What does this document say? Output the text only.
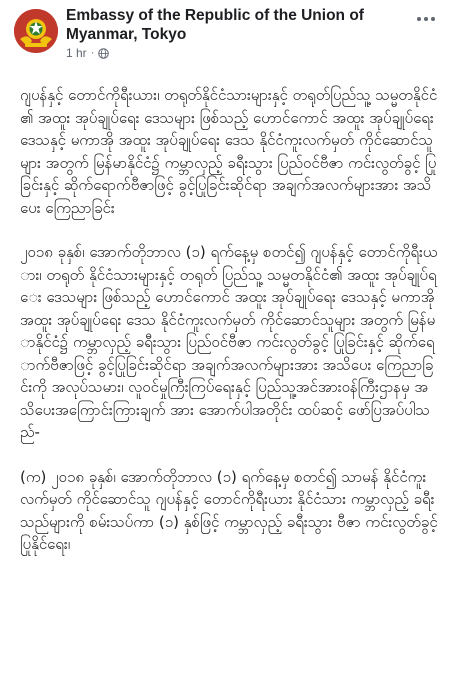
Embassy of the Republic of the Union of Myanmar, Tokyo
1 hr ·

ဂျပန်နှင့် တောင်ကိုရီးယား၊ တရုတ်နိုင်ငံသားများနှင့် တရုတ်ပြည်သူ့ သမ္မတနိုင်ငံ၏ အထူး အုပ်ချုပ်ရေး ဒေသများ ဖြစ်သည့် ဟောင်ကောင် အထူး အုပ်ချုပ်ရေး ဒေသနှင့် မကာအို အထူး အုပ်ချုပ်ရေး ဒေသ နိုင်ငံကူးလက်မှတ် ကိုင်ဆောင်သူများ အတွက် မြန်မာနိုင်ငံ၌ ကမ္ဘာလှည့် ခရီးသွား ပြည်ဝင်ဗီဇာ ကင်းလွတ်ခွင့် ပြုခြင်းနှင့် ဆိုက်ရောက်ဗီဇာဖြင့် ခွင့်ပြုခြင်းဆိုင်ရာ အချက်အလက်များအား အသိပေး ကြေညာခြင်း

၂၀၁၈ ခုနှစ်၊ အောက်တိုဘာလ (၁) ရက်နေ့မှ စတင်၍ ဂျပန်နှင့် တောင်ကိုရီးယား၊ တရုတ် နိုင်ငံသားများနှင့် တရုတ် ပြည်သူ့ သမ္မတနိုင်ငံ၏ အထူး အုပ်ချုပ်ရေး ဒေသများ ဖြစ်သည့် ဟောင်ကောင် အထူး အုပ်ချုပ်ရေး ဒေသနှင့် မကာအို အထူး အုပ်ချုပ်ရေး ဒေသ နိုင်ငံကူးလက်မှတ် ကိုင်ဆောင်သူများ အတွက် မြန်မာနိုင်ငံ၌ ကမ္ဘာလှည့် ခရီးသွား ပြည်ဝင်ဗီဇာ ကင်းလွတ်ခွင့် ပြုခြင်းနှင့် ဆိုက်ရောက်ဗီဇာဖြင့် ခွင့်ပြုခြင်းဆိုင်ရာ အချက်အလက်များအား အသိပေး ကြေညာခြင်းကို အလုပ်သမား၊ လူဝင်မှုကြီးကြပ်ရေးနှင့် ပြည်သူ့အင်အားဝန်ကြီးဌာနမှ အသိပေးအကြောင်းကြားချက် အား အောက်ပါအတိုင်း ထပ်ဆင့် ဖော်ပြအပ်ပါသည်-

(က) ၂၀၁၈ ခုနှစ်၊ အောက်တိုဘာလ (၁) ရက်နေ့မှ စတင်၍ သာမန် နိုင်ငံကူးလက်မှတ် ကိုင်ဆောင်သူ ဂျပန်နှင့် တောင်ကိုရီးယား နိုင်ငံသား ကမ္ဘာလှည့် ခရီးသည်များကို စမ်းသပ်ကာ (၁) နှစ်ဖြင့် ကမ္ဘာလှည့် ခရီးသွား ဗီဇာ ကင်းလွတ်ခွင့်ပြုနိုင်ရေး၊
